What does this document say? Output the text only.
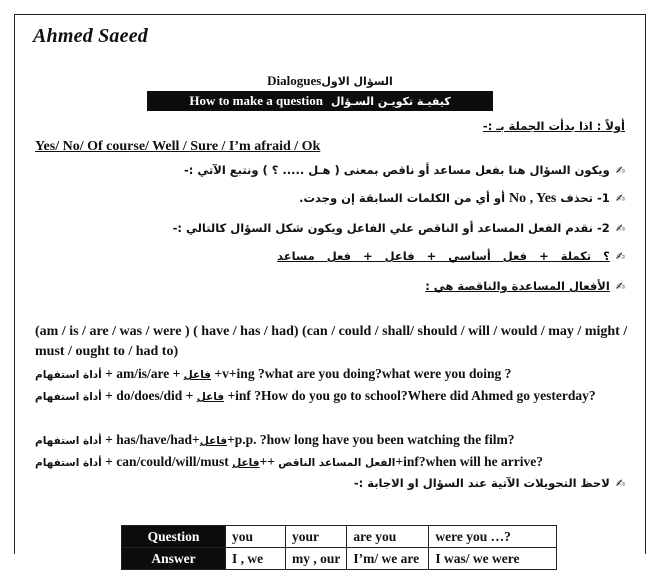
Ahmed Saeed
Dialoguesالسؤال الاول
How to make a question كيفيـة تكويـن السـؤال
أولاً : اذا بدأت الجملة بـ :-
Yes/ No/ Of course/ Well / Sure / I’m afraid / Ok
✍ويكون السؤال هنا بفعل مساعد أو ناقص بمعنى ( هـل ..... ؟ ) ونتبع الآتي :-
✍1- تحذف No , Yes أو أي من الكلمات السابقة إن وجدت.
✍2- نقدم الفعل المساعد أو الناقص علي الفاعل ويكون شكل السؤال كالتالي :-
✍؟ تكملة + فعل أساسي + فاعل + فعل مساعد
✍الأفعال المساعدة والناقصة هي :
(am / is / are / was / were ) ( have / has / had) (can / could / shall/ should / will / would / may / might / must / ought to / had to)
أداة استفهام + am/is/are + فاعل +v+ing ?what are you doing?what were you doing ?
أداة استفهام + do/does/did + فاعل +inf ?How do you go to school?Where did Ahmed go yesterday?
أداة استفهام + has/have/had+فاعل+p.p. ?how long have you been watching the film?
أداة استفهام + can/could/will/must	الفعل المساعد الناقص ++فاعل	+inf?when will he arrive?
✍لاحظ التحويلات الآتية عند السؤال او الاجابة :-
Question	you	your	are you	were you …?
Answer	I , we	my , our	I’m/ we are	I was/ we were
